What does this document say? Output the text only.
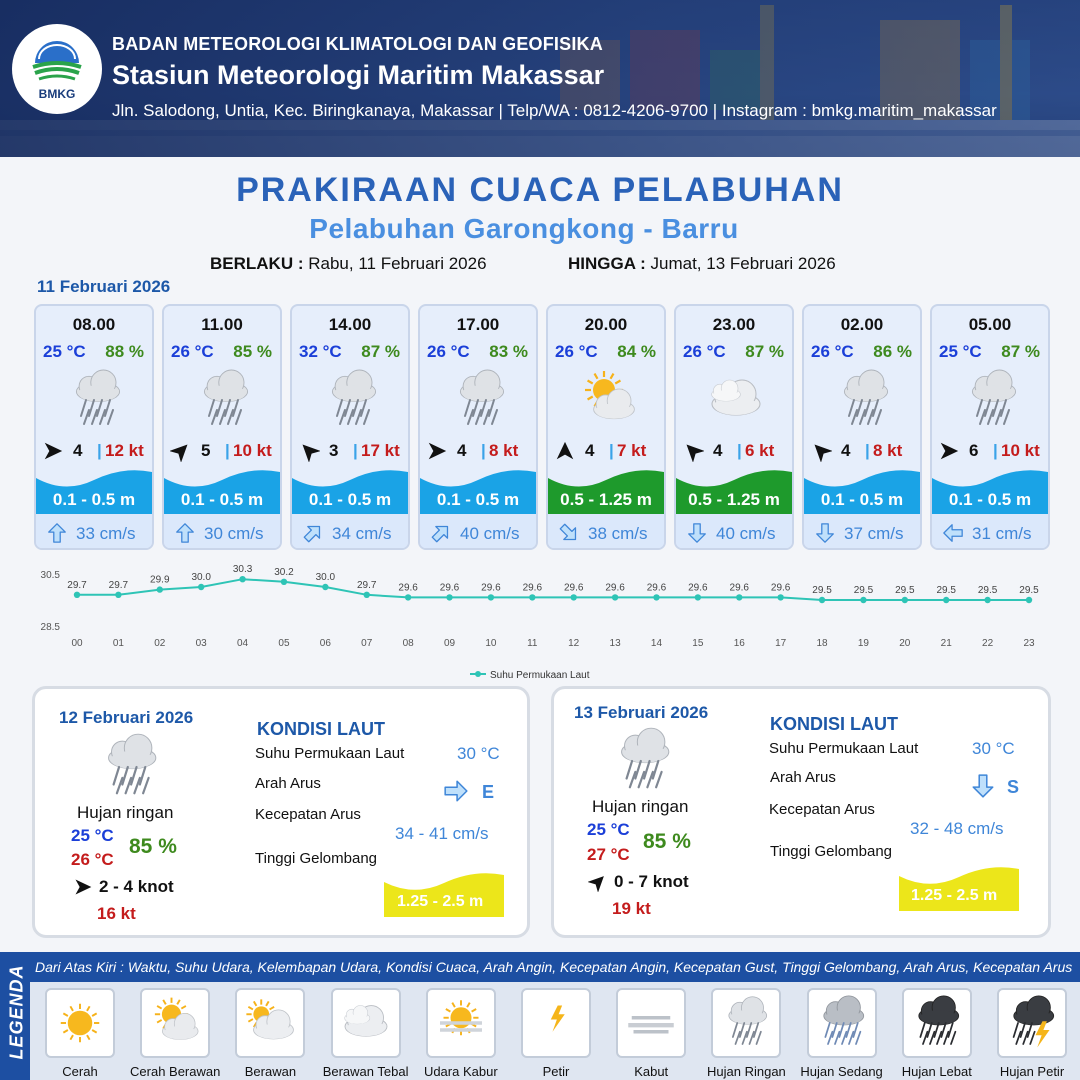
BMKG
BADAN METEOROLOGI KLIMATOLOGI DAN GEOFISIKA
Stasiun Meteorologi Maritim Makassar
Jln. Salodong, Untia, Kec. Biringkanaya, Makassar | Telp/WA : 0812-4206-9700 | Instagram : bmkg.maritim_makassar
PRAKIRAAN CUACA PELABUHAN
Pelabuhan Garongkong - Barru
BERLAKU : Rabu, 11 Februari 2026	HINGGA : Jumat, 13 Februari 2026
11 Februari 2026
08.00
25 °C 88 %
4 | 12 kt
0.1 - 0.5 m
33 cm/s
11.00
26 °C 85 %
5 | 10 kt
0.1 - 0.5 m
30 cm/s
14.00
32 °C 87 %
3 | 17 kt
0.1 - 0.5 m
34 cm/s
17.00
26 °C 83 %
4 | 8 kt
0.1 - 0.5 m
40 cm/s
20.00
26 °C 84 %
4 | 7 kt
0.5 - 1.25 m
38 cm/s
23.00
26 °C 87 %
4 | 6 kt
0.5 - 1.25 m
40 cm/s
02.00
26 °C 86 %
4 | 8 kt
0.1 - 0.5 m
37 cm/s
05.00
25 °C 87 %
6 | 10 kt
0.1 - 0.5 m
31 cm/s
30.5
28.5
29.7 29.7 29.9 30.0
30.3 30.2 30.0
29.7 29.6 29.6 29.6 29.6 29.6 29.6 29.6 29.6 29.6 29.6 29.5 29.5 29.5 29.5 29.5 29.5
00	01	02	03	04	05	06	07	08	09	10	11	12	13	14	15	16	17	18	19	20	21	22	23
Suhu Permukaan Laut
12 Februari 2026
Hujan ringan
25 °C
26 °C
85 %
2 - 4 knot
16 kt
KONDISI LAUT
Suhu Permukaan Laut	30 °C
Arah Arus	E
Kecepatan Arus
34 - 41 cm/s
Tinggi Gelombang
1.25 - 2.5 m
13 Februari 2026
Hujan ringan
25 °C
27 °C
85 %
0 - 7 knot
19 kt
KONDISI LAUT
Suhu Permukaan Laut	30 °C
Arah Arus	S
Kecepatan Arus
32 - 48 cm/s
Tinggi Gelombang
1.25 - 2.5 m
LEGENDA Dari Atas Kiri : Waktu, Suhu Udara, Kelembapan Udara, Kondisi Cuaca, Arah Angin, Kecepatan Angin, Kecepatan Gust, Tinggi Gelombang, Arah Arus, Kecepatan Arus
Cerah	Cerah Berawan	Berawan	Berawan Tebal	Udara Kabur	Petir	Kabut	Hujan Ringan	Hujan Sedang	Hujan Lebat	Hujan Petir
